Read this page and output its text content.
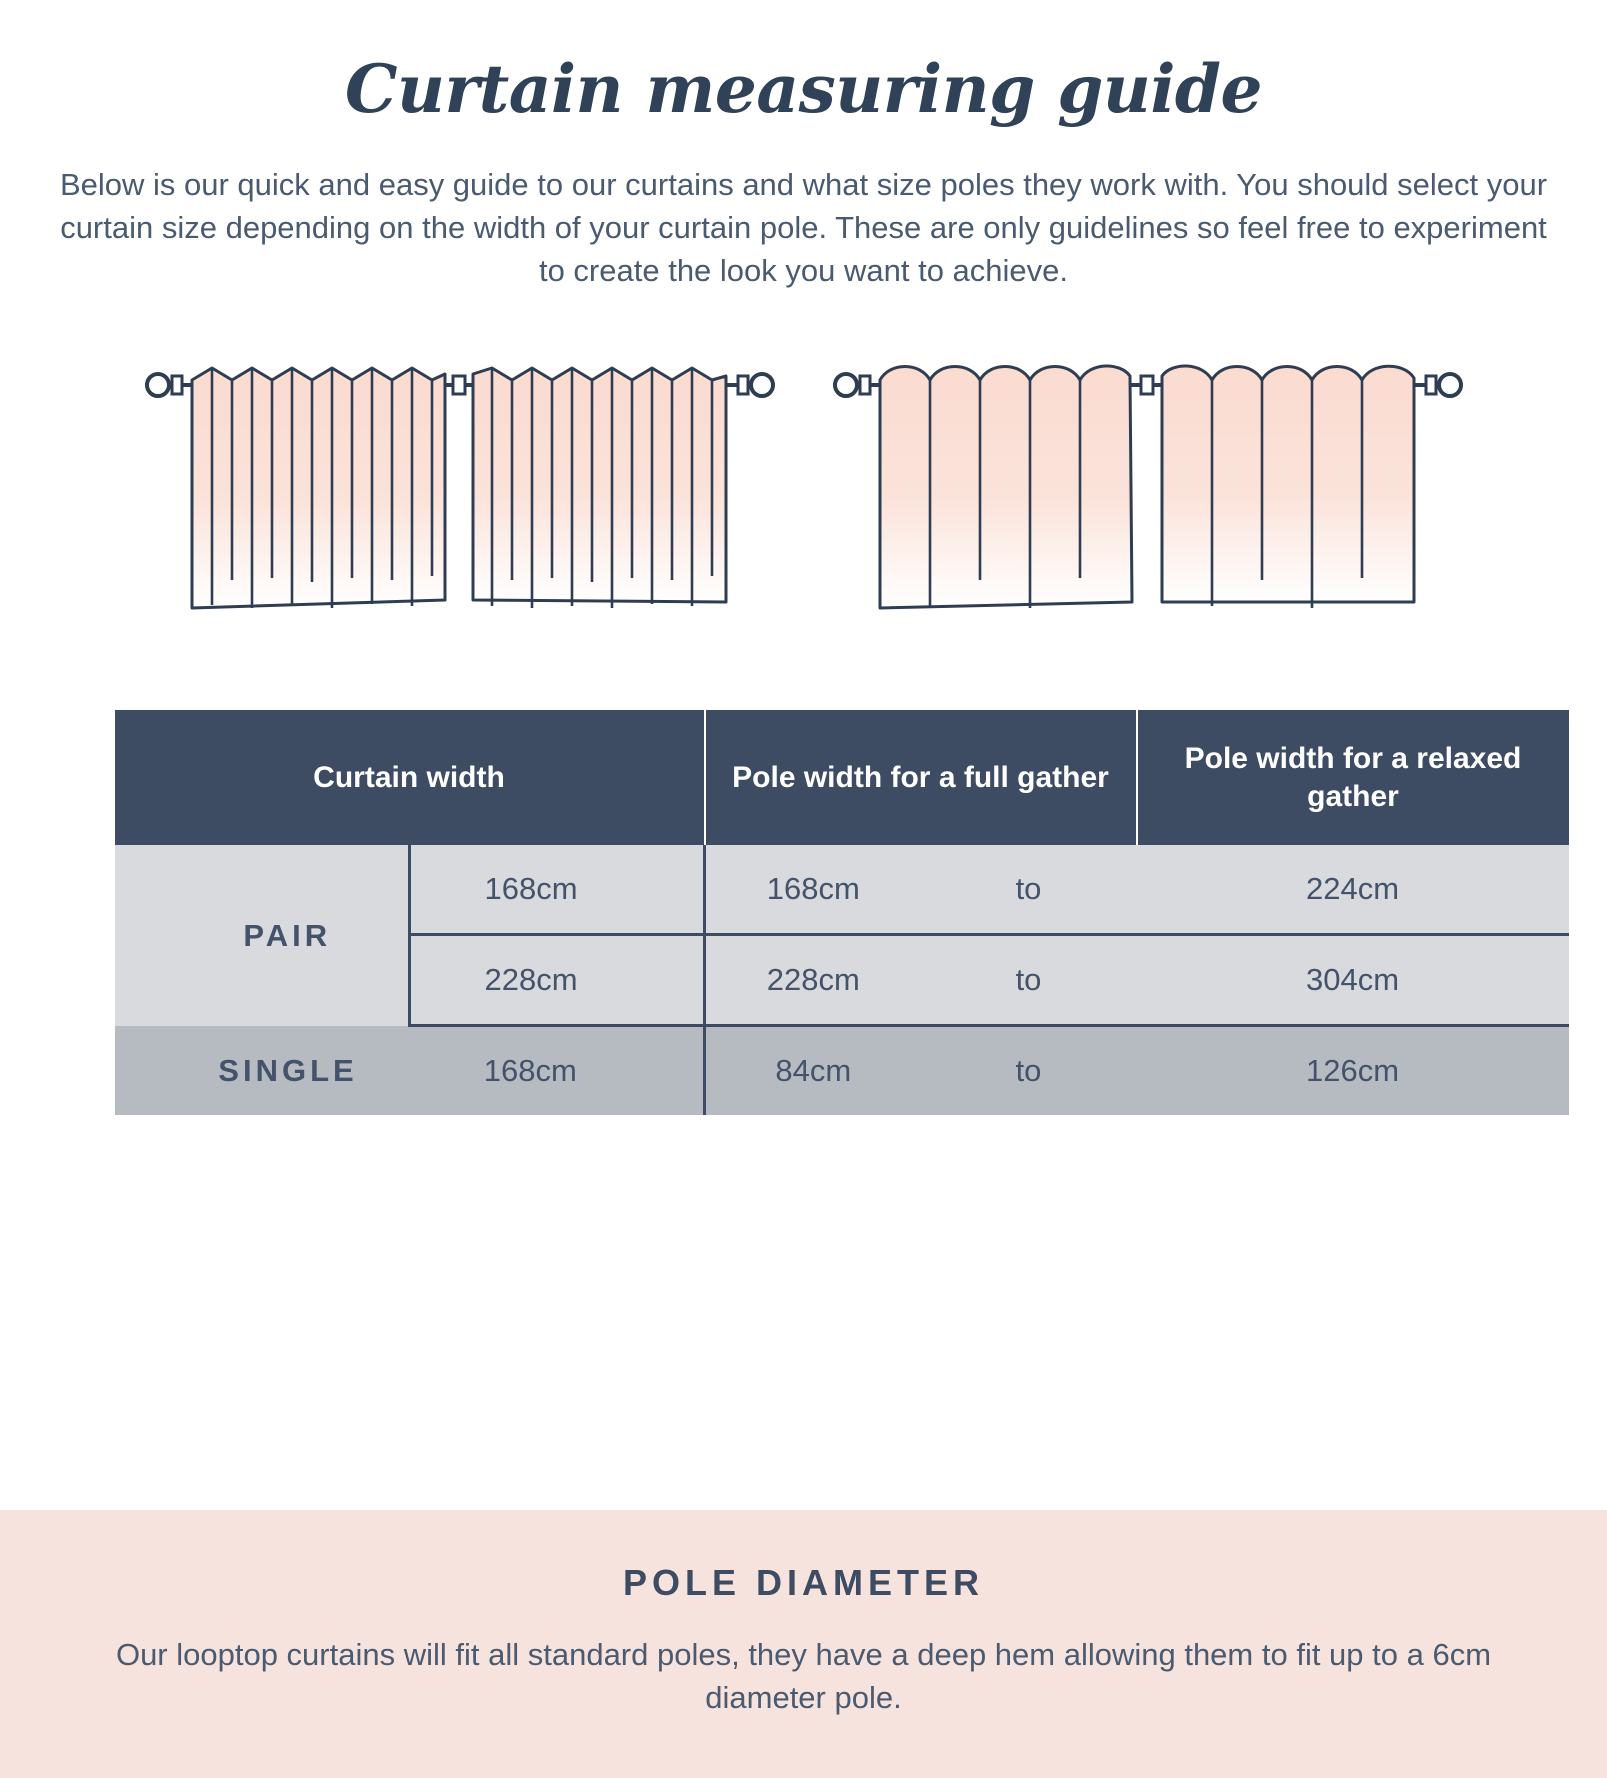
Curtain measuring guide
Below is our quick and easy guide to our curtains and what size poles they work with. You should select your curtain size depending on the width of your curtain pole. These are only guidelines so feel free to experiment to create the look you want to achieve.
Curtain width		Pole width for a full gather		Pole width for a relaxed gather
PAIR	168cm	168cm	to	224cm
	228cm	228cm	to	304cm
SINGLE	168cm	84cm	to	126cm
POLE DIAMETER
Our looptop curtains will fit all standard poles, they have a deep hem allowing them to fit up to a 6cm diameter pole.
